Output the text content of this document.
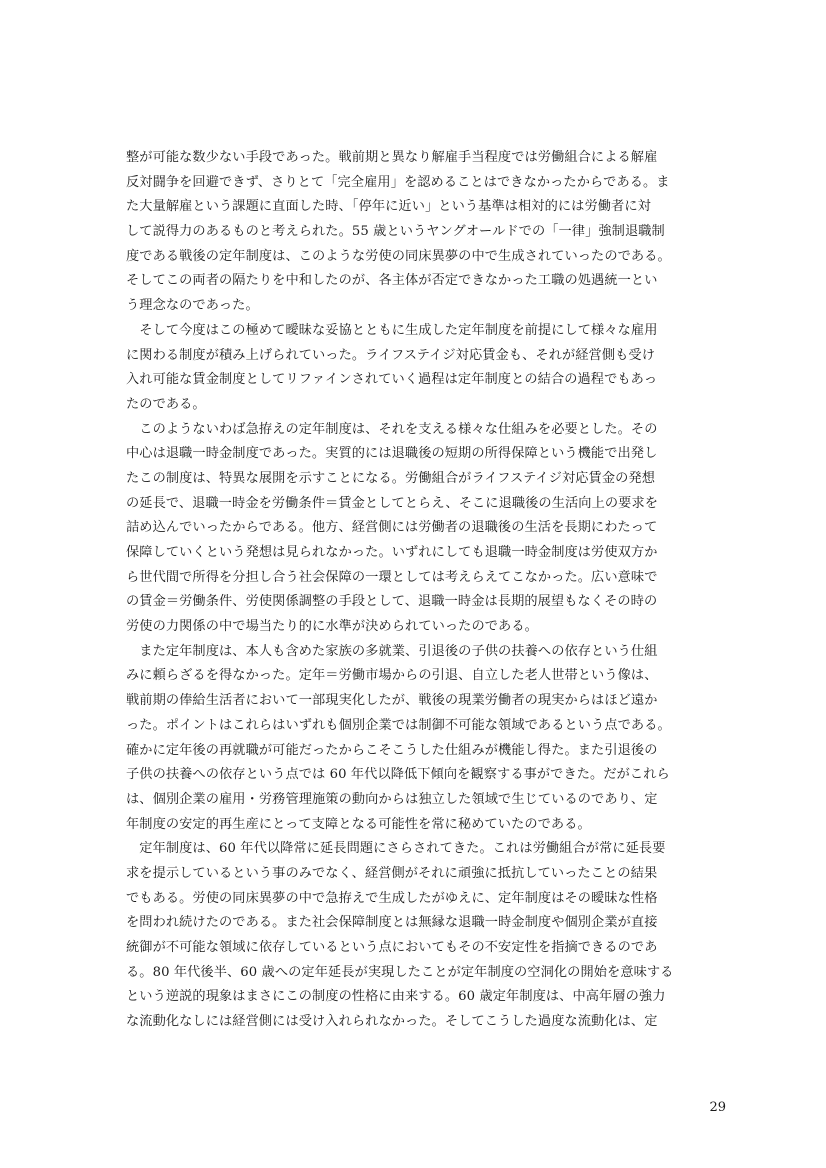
整が可能な数少ない手段であった。戦前期と異なり解雇手当程度では労働組合による解雇
反対闘争を回避できず、さりとて「完全雇用」を認めることはできなかったからである。ま
た大量解雇という課題に直面した時、「停年に近い」という基準は相対的には労働者に対
して説得力のあるものと考えられた。55 歳というヤングオールドでの「一律」強制退職制
度である戦後の定年制度は、このような労使の同床異夢の中で生成されていったのである。
そしてこの両者の隔たりを中和したのが、各主体が否定できなかった工職の処遇統一とい
う理念なのであった。
　そして今度はこの極めて曖昧な妥協とともに生成した定年制度を前提にして様々な雇用
に関わる制度が積み上げられていった。ライフステイジ対応賃金も、それが経営側も受け
入れ可能な賃金制度としてリファインされていく過程は定年制度との結合の過程でもあっ
たのである。
　このようないわば急拵えの定年制度は、それを支える様々な仕組みを必要とした。その
中心は退職一時金制度であった。実質的には退職後の短期の所得保障という機能で出発し
たこの制度は、特異な展開を示すことになる。労働組合がライフステイジ対応賃金の発想
の延長で、退職一時金を労働条件＝賃金としてとらえ、そこに退職後の生活向上の要求を
詰め込んでいったからである。他方、経営側には労働者の退職後の生活を長期にわたって
保障していくという発想は見られなかった。いずれにしても退職一時金制度は労使双方か
ら世代間で所得を分担し合う社会保障の一環としては考えらえてこなかった。広い意味で
の賃金＝労働条件、労使関係調整の手段として、退職一時金は長期的展望もなくその時の
労使の力関係の中で場当たり的に水準が決められていったのである。
　また定年制度は、本人も含めた家族の多就業、引退後の子供の扶養への依存という仕組
みに頼らざるを得なかった。定年＝労働市場からの引退、自立した老人世帯という像は、
戦前期の俸給生活者において一部現実化したが、戦後の現業労働者の現実からはほど遠か
った。ポイントはこれらはいずれも個別企業では制御不可能な領域であるという点である。
確かに定年後の再就職が可能だったからこそこうした仕組みが機能し得た。また引退後の
子供の扶養への依存という点では 60 年代以降低下傾向を観察する事ができた。だがこれら
は、個別企業の雇用・労務管理施策の動向からは独立した領域で生じているのであり、定
年制度の安定的再生産にとって支障となる可能性を常に秘めていたのである。
　定年制度は、60 年代以降常に延長問題にさらされてきた。これは労働組合が常に延長要
求を提示しているという事のみでなく、経営側がそれに頑強に抵抗していったことの結果
でもある。労使の同床異夢の中で急拵えで生成したがゆえに、定年制度はその曖昧な性格
を問われ続けたのである。また社会保障制度とは無縁な退職一時金制度や個別企業が直接
統御が不可能な領域に依存しているという点においてもその不安定性を指摘できるのであ
る。80 年代後半、60 歳への定年延長が実現したことが定年制度の空洞化の開始を意味する
という逆説的現象はまさにこの制度の性格に由来する。60 歳定年制度は、中高年層の強力
な流動化なしには経営側には受け入れられなかった。そしてこうした過度な流動化は、定
29
